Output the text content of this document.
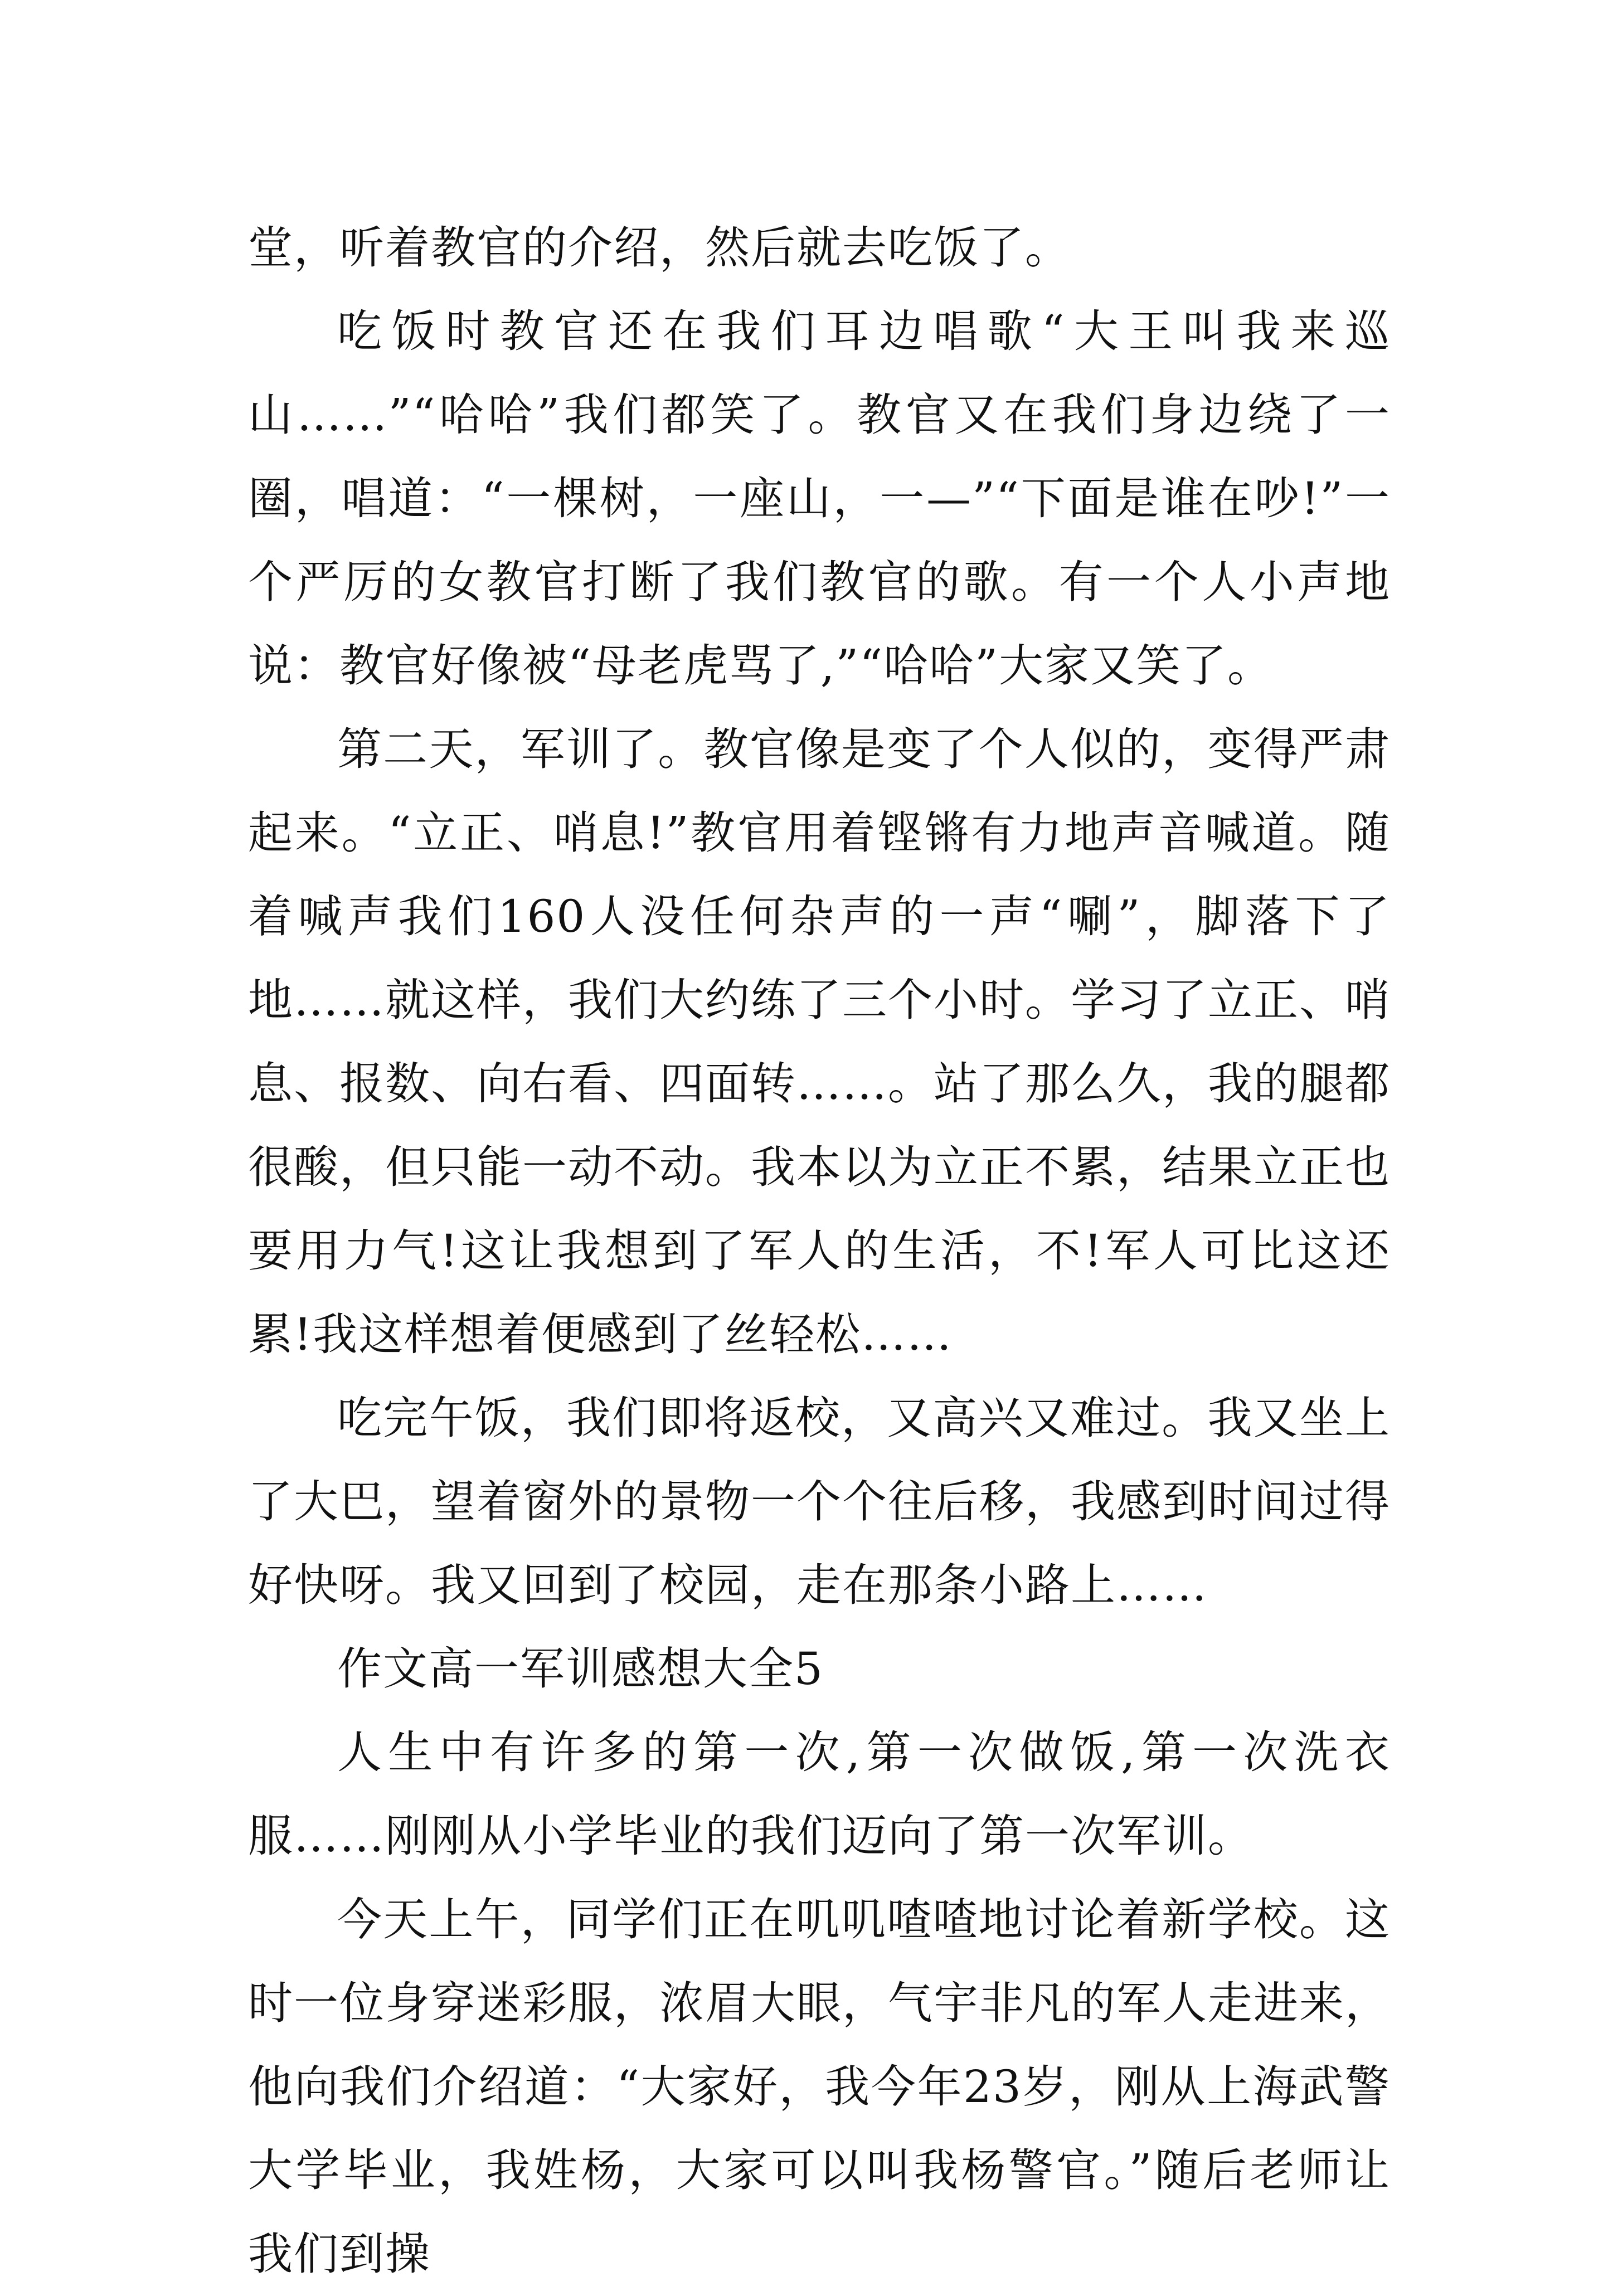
堂，听着教官的介绍，然后就去吃饭了。

吃饭时教官还在我们耳边唱歌“大王叫我来巡山……”“哈哈”我们都笑了。教官又在我们身边绕了一圈，唱道：“一棵树，一座山，一—”“下面是谁在吵!”一个严厉的女教官打断了我们教官的歌。有一个人小声地说：教官好像被“母老虎骂了,”“哈哈”大家又笑了。

第二天，军训了。教官像是变了个人似的，变得严肃起来。“立正、哨息!”教官用着铿锵有力地声音喊道。随着喊声我们160人没任何杂声的一声“唰”，脚落下了地……就这样，我们大约练了三个小时。学习了立正、哨息、报数、向右看、四面转……。站了那么久，我的腿都很酸，但只能一动不动。我本以为立正不累，结果立正也要用力气!这让我想到了军人的生活，不!军人可比这还累!我这样想着便感到了丝轻松……

吃完午饭，我们即将返校，又高兴又难过。我又坐上了大巴，望着窗外的景物一个个往后移，我感到时间过得好快呀。我又回到了校园，走在那条小路上……

作文高一军训感想大全5

人生中有许多的第一次,第一次做饭,第一次洗衣服……刚刚从小学毕业的我们迈向了第一次军训。

今天上午，同学们正在叽叽喳喳地讨论着新学校。这时一位身穿迷彩服，浓眉大眼，气宇非凡的军人走进来，他向我们介绍道：“大家好，我今年23岁，刚从上海武警大学毕业，我姓杨，大家可以叫我杨警官。”随后老师让我们到操
